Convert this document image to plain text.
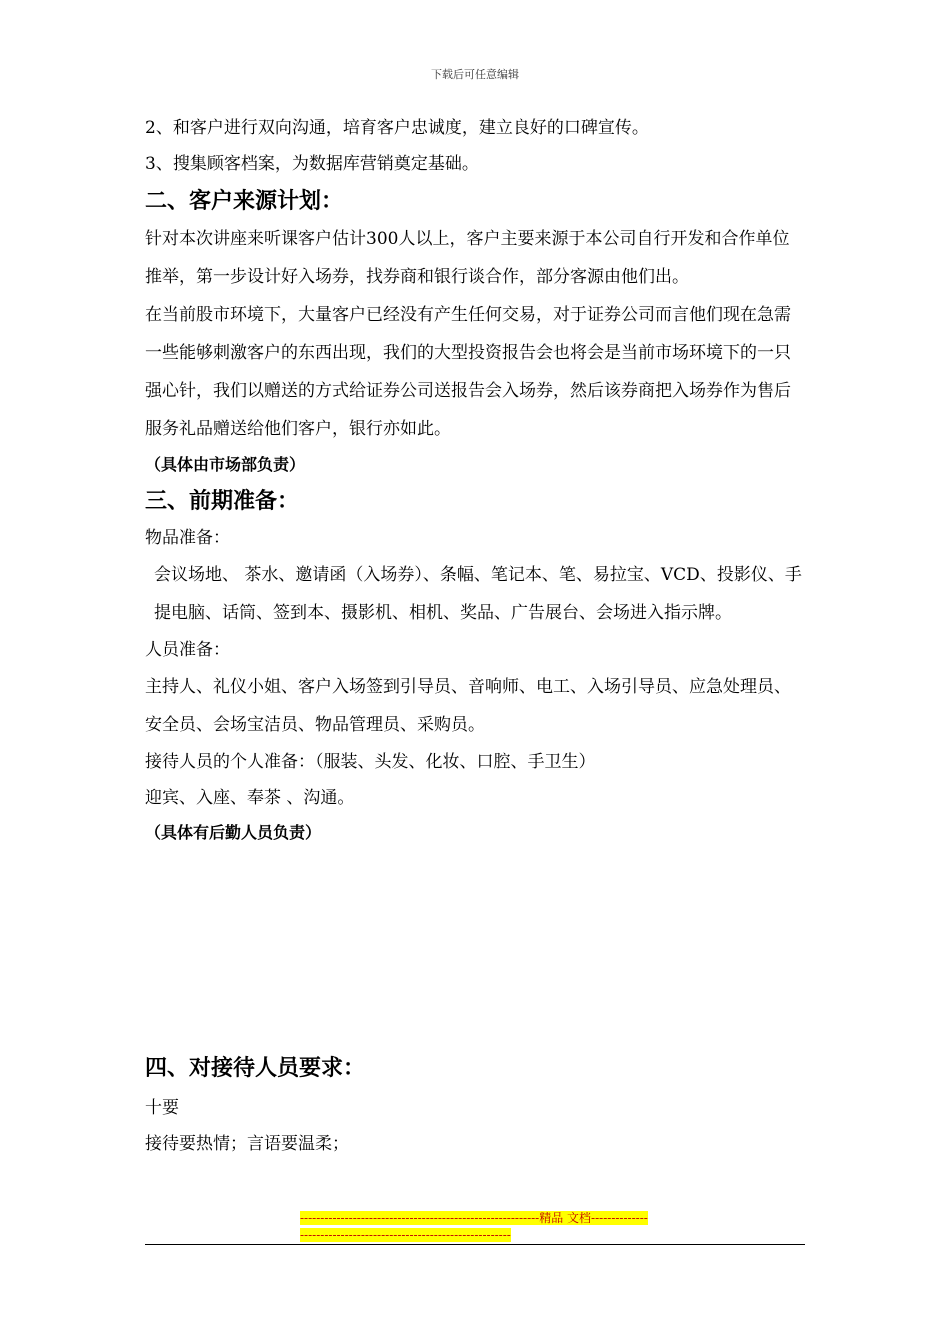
下载后可任意编辑

2、和客户进行双向沟通，培育客户忠诚度，建立良好的口碑宣传。

3、搜集顾客档案，为数据库营销奠定基础。

二、客户来源计划：

针对本次讲座来听课客户估计300人以上，客户主要来源于本公司自行开发和合作单位推举，第一步设计好入场券，找券商和银行谈合作，部分客源由他们出。

在当前股市环境下，大量客户已经没有产生任何交易，对于证券公司而言他们现在急需一些能够刺激客户的东西出现，我们的大型投资报告会也将会是当前市场环境下的一只强心针，我们以赠送的方式给证券公司送报告会入场券，然后该券商把入场券作为售后服务礼品赠送给他们客户，银行亦如此。

（具体由市场部负责）

三、前期准备：

物品准备：

会议场地、 茶水、邀请函（入场券）、条幅、笔记本、笔、易拉宝、VCD、投影仪、手提电脑、话筒、签到本、摄影机、相机、奖品、广告展台、会场进入指示牌。

人员准备：

主持人、礼仪小姐、客户入场签到引导员、音响师、电工、入场引导员、应急处理员、安全员、会场宝洁员、物品管理员、采购员。

接待人员的个人准备：（服装、头发、化妆、口腔、手卫生）

迎宾、入座、奉茶 、沟通。

（具体有后勤人员负责）

四、对接待人员要求：

十要

接待要热情；言语要温柔；

-----------------------------------------------------------精品 文档------------------------------------------------------------------
